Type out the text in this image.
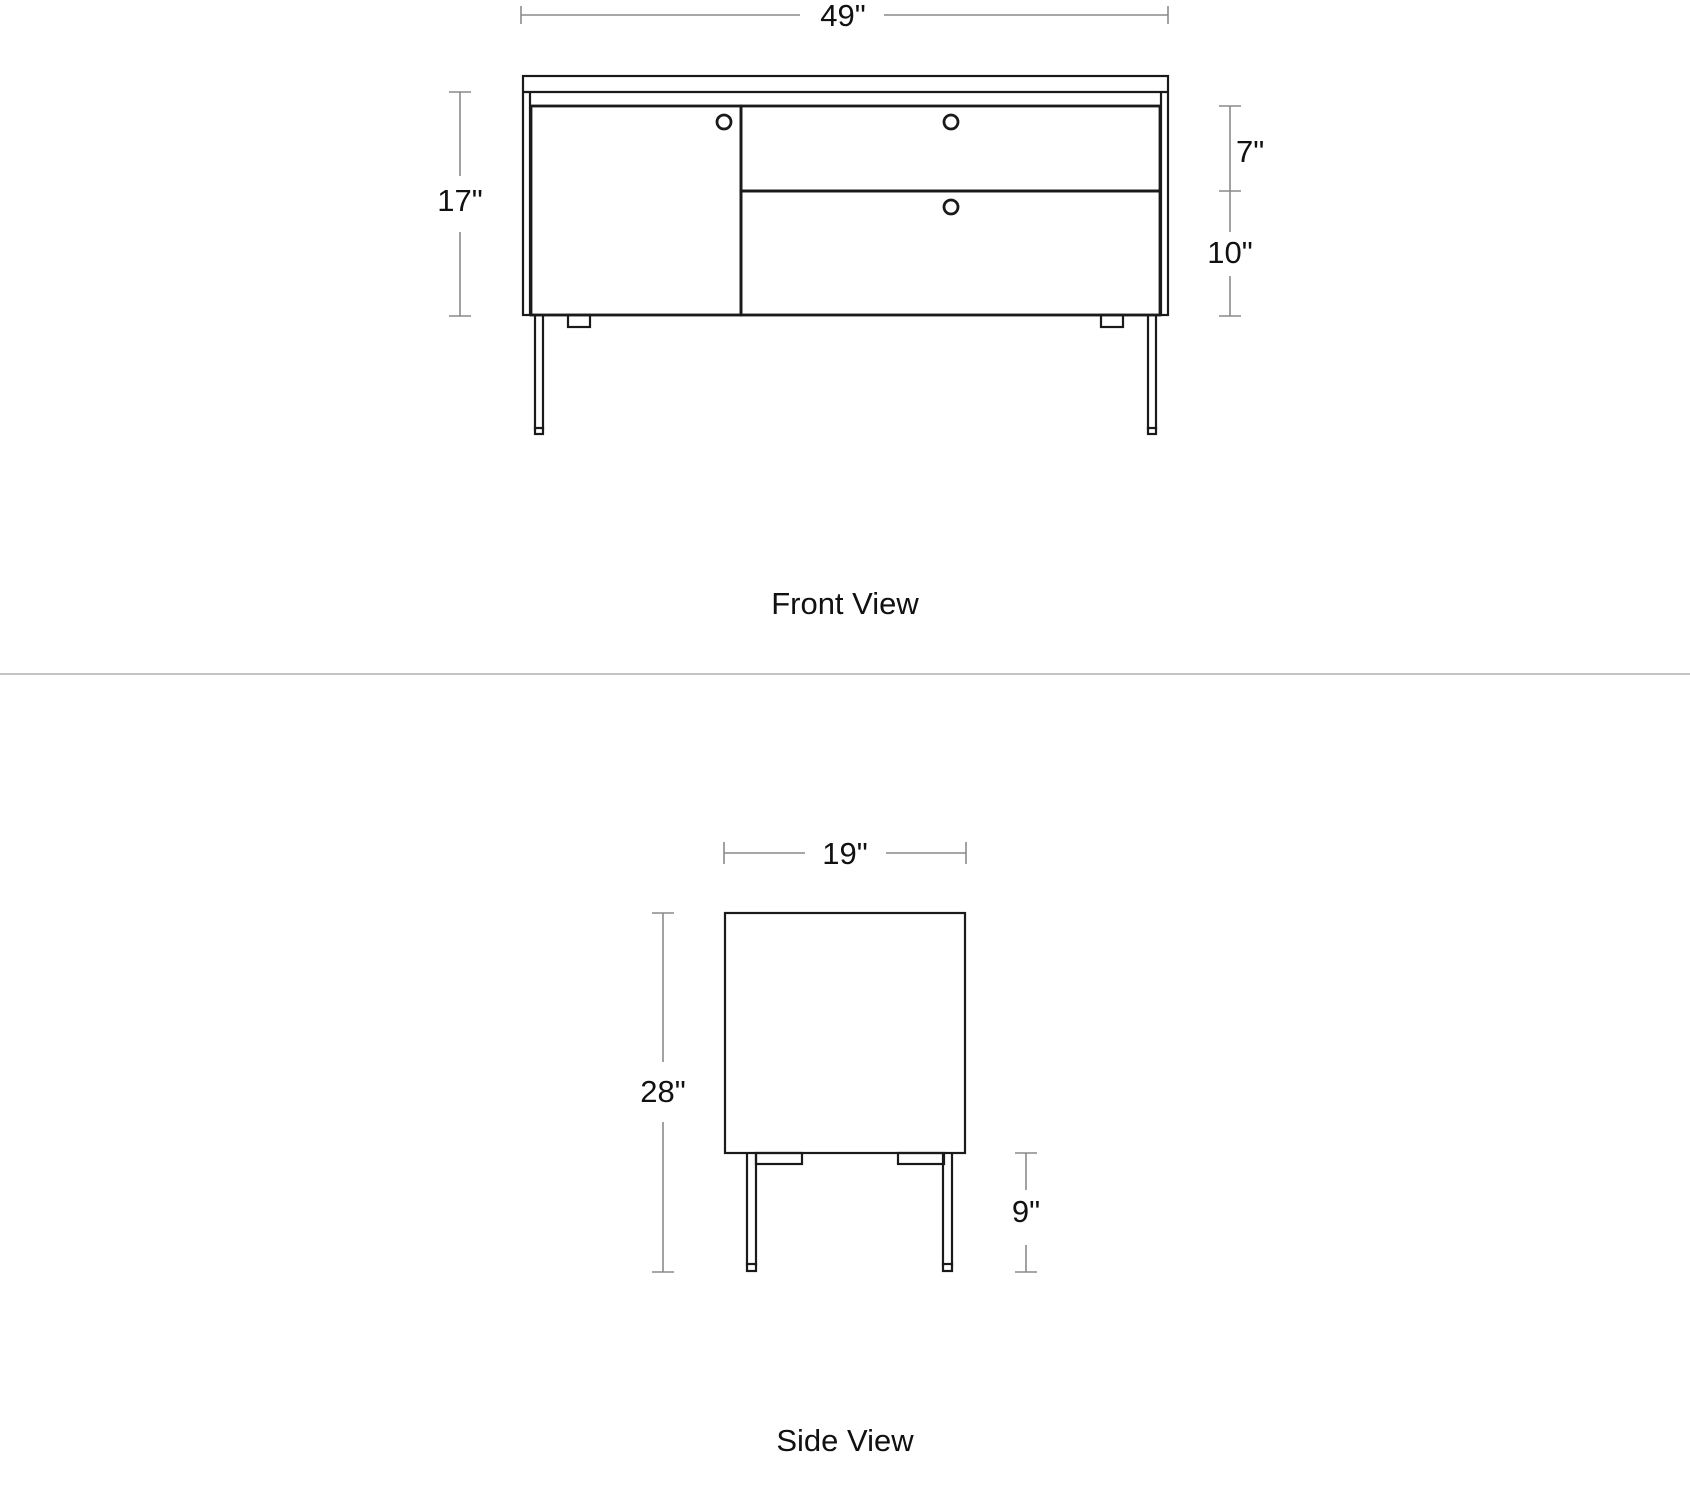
49"
17"
7"
10"
Front View
19"
28"
9"
Side View
